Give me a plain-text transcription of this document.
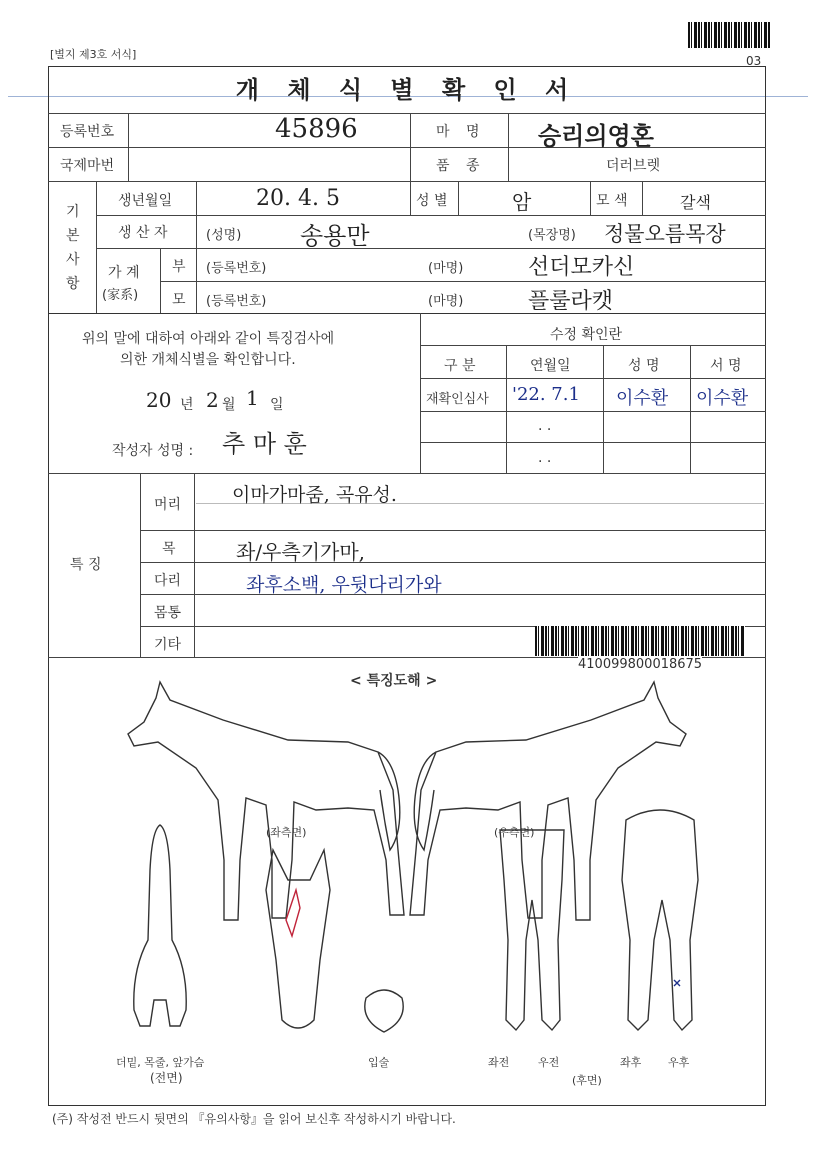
[별지 제3호 서식]	03
개 체 식 별 확 인 서
등록번호	45896	마 명 승리의영혼
국제마번	품 종	더러브렛
기
본
사
항
생년월일	20. 4. 5	성 별	암	모 색	갈색
생 산 자	(성명) 송용만	(목장명) 정물오름목장
가 계
(家系)
부 (등록번호)	(마명)	선더모카신
모 (등록번호)	(마명)	플룰라캣
위의 말에 대하여 아래와 같이 특징검사에
의한 개체식별을 확인합니다.
20 년 2 월 1 일
작성자 성명 : 추 마 훈
수정 확인란
구 분	연월일	성 명	서 명
재확인심사 '22. 7.1 이수환 이수환
. .
. .
특 징
머리	이마가마줌, 곡유성.
목	좌/우측기가마,
다리	좌후소백, 우뒷다리가와
몸통
기타
410099800018675
< 특징도해 >
(좌측면)	(우측면)
더밑, 목줄, 앞가슴
(전면)
입술	좌전	우전	좌후 우후
(후면)
(주) 작성전 반드시 뒷면의 『유의사항』을 읽어 보신후 작성하시기 바랍니다.
